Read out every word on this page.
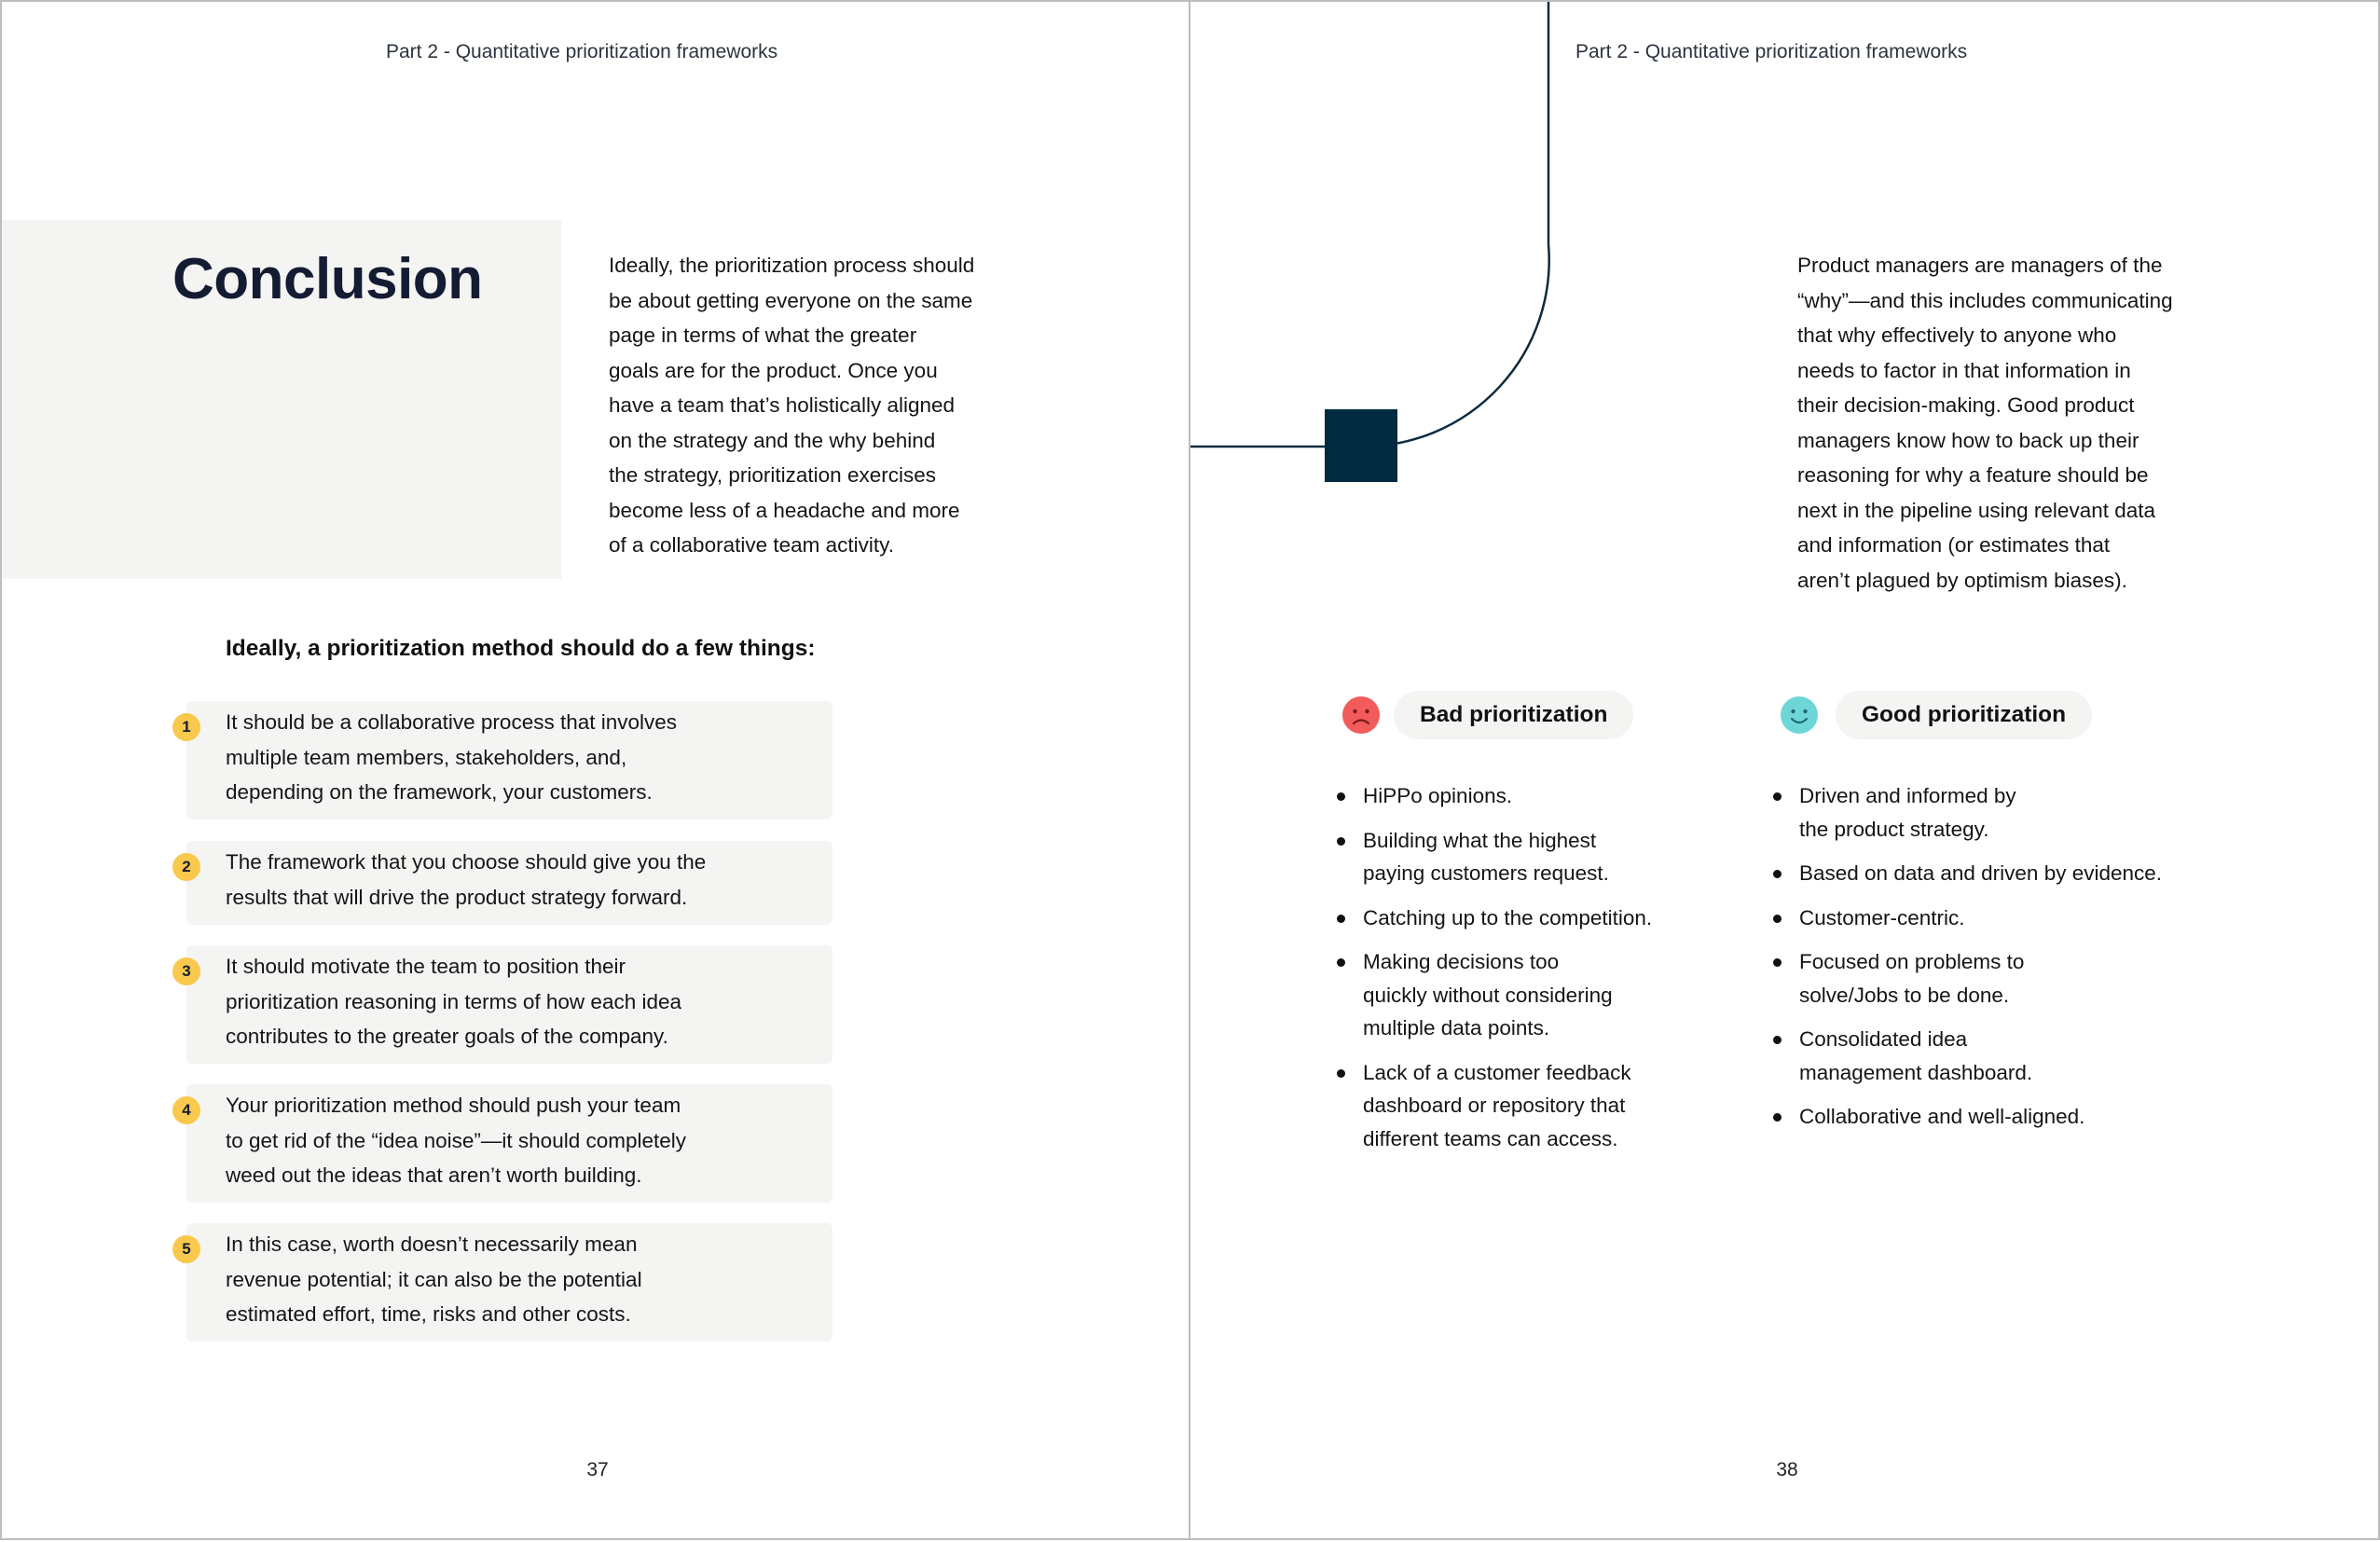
Part 2 - Quantitative prioritization frameworks
Conclusion	Ideally, the prioritization process should
be about getting everyone on the same
page in terms of what the greater
goals are for the product. Once you
have a team that’s holistically aligned
on the strategy and the why behind
the strategy, prioritization exercises
become less of a headache and more
of a collaborative team activity.

Ideally, a prioritization method should do a few things:
1	It should be a collaborative process that involves
multiple team members, stakeholders, and,
depending on the framework, your customers.

2	The framework that you choose should give you the
results that will drive the product strategy forward.

3	It should motivate the team to position their
prioritization reasoning in terms of how each idea
contributes to the greater goals of the company.

4	Your prioritization method should push your team
to get rid of the “idea noise”—it should completely
weed out the ideas that aren’t worth building.

5	In this case, worth doesn’t necessarily mean
revenue potential; it can also be the potential
estimated effort, time, risks and other costs.

37
Part 2 - Quantitative prioritization frameworks

Product managers are managers of the
“why”—and this includes communicating
that why effectively to anyone who
needs to factor in that information in
their decision-making. Good product
managers know how to back up their
reasoning for why a feature should be
next in the pipeline using relevant data
and information (or estimates that
aren’t plagued by optimism biases).

Bad prioritization
HiPPo opinions.
Building what the highest
paying customers request.
Catching up to the competition.
Making decisions too
quickly without considering
multiple data points.
Lack of a customer feedback
dashboard or repository that
different teams can access.
Good prioritization
Driven and informed by
the product strategy.
Based on data and driven by evidence.
Customer-centric.
Focused on problems to
solve/Jobs to be done.
Consolidated idea
management dashboard.
Collaborative and well-aligned.
38
